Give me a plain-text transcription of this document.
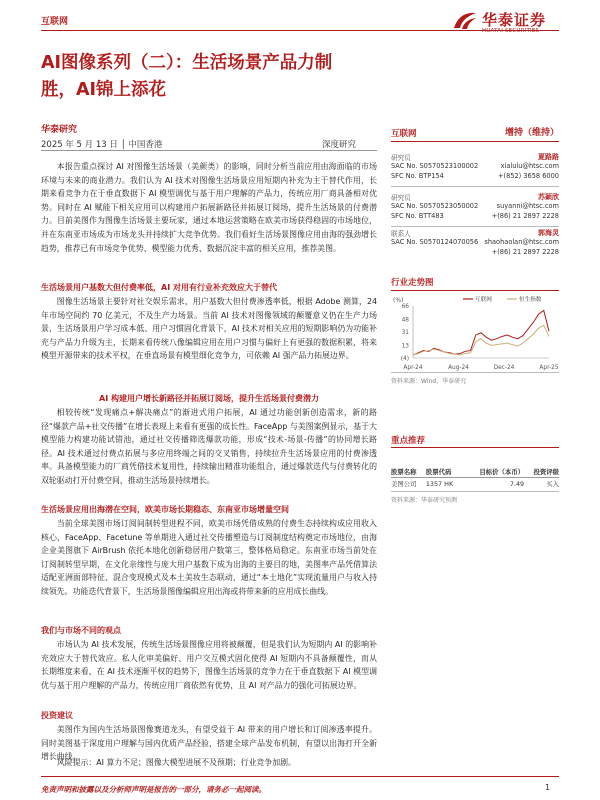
互联网	华泰证券
HUATAI SECURITIES
AI图像系列（二）：生活场景产品力制
胜，AI锦上添花
华泰研究
2025 年 5 月 13 日 │ 中国香港	深度研究

本报告重点探讨 AI 对图像生活场景（美颜类）的影响，同时分析当前应用由海面临的市场环境与未来的商业潜力。我们认为 AI 技术对图像生活场景应用短期内补充为主于替代作用，长期来看竞争力在于垂直数据下 AI 模型调优与基于用户理解的产品力，传统应用厂商具备相对优势。同时在 AI 赋能下相关应用可以构建用户拓展新路径并拓展订阅场，提升生活场景的付费潜力。目前美图作为图像生活场景主要玩家，通过本地运营策略在欧美市场获得稳固的市场地位，并在东南亚市场成为市场龙头并持续扩大竞争优势。我们看好生活场景图像应用由海的强劲增长趋势，推荐已有市场竞争优势、模型能力优秀、数据沉淀丰富的相关应用，推荐美图。

生活场景用户基数大但付费率低，AI 对用有行业补充效应大于替代

图像生活场景主要针对社交娱乐需求，用户基数大但付费渗透率低，根据 Adobe 测算，24 年市场空间约 70 亿美元，不及生产力场景。当前 AI 技术对图像领域的颠覆意义仍在生产力场景，生活场景用户学习成本低、用户习惯固化背景下，AI 技术对相关应用的短期影响仍为功能补充与产品力升级为主，长期来看传统八像编辑应用在用户习惯与偏好上有更强的数据积累，将来模型开源带来的技术平权，在垂直场景有模型细化竞争力，可依赖 AI 强产品力拓展边界。

AI 构建用户增长新路径并拓展订阅场，提升生活场景付费潜力

相较传统“发现痛点+解决痛点”的渐进式用户拓展，AI 通过功能创新创造需求，新的路径“爆款产品+社交传播”在增长表现上来看有更强的成长性。FaceApp 与美图案例显示，基于大模型能力构建功能试错池，通过社交传播筛选爆款功能，形成“技术-场景-传播”的协同增长路径。AI 技术通过付费点拓展与多应用终端之间的交叉销售，持续拉升生活场景应用的付费渗透率。具备模型能力的厂商凭借技术复用性，持续输出精准功能组合，通过爆款迭代与付费转化的双轮驱动打开付费空间，推动生活场景持续增长。

生活场景应用出海潜在空间，欧美市场长期稳态、东南亚市场增量空间

当前全球美图市场订阅间制转型进程不同，欧美市场凭借成熟的付费生态持续构成应用收入核心，FaceApp、Facetune 等单期进入通过社交传播塑造与订阅制度结构奠定市场地位，由海企业美图旗下 AirBrush 依托本地化创新稳居用户数第三，整体格局稳定。东南亚市场当前处在订阅制转型早期，在文化亲缘性与庞大用户基数下成为出海的主要目的地，美图率产品凭借算法适配亚洲面部特征、混合变现模式及本土美妆生态联动，通过“本土地化”实现流量用户与收入持续领先。功能迭代背景下，生活场景图像编辑应用出海或将带来新的应用成长曲线。

我们与市场不同的观点

市场认为 AI 技术发展，传统生活场景图像应用将被颠覆，但是我们认为短期内 AI 的影响补充效应大于替代效应。私人化审美偏好、用户交互模式固化使得 AI 短期内不具备颠覆性，而从长期维度来看，在 AI 技术逐渐平权的趋势下，图像生活场景的竞争力在于垂直数据下 AI 模型调优与基于用户理解的产品力，传统应用厂商依然有优势，且 AI 对产品力的强化可拓展边界。

投资建议

美图作为国内生活场景图像赛道龙头，有望受益于 AI 带来的用户增长和订阅渗透率提升。同时美图基于深度用户理解与国内优质产品经验，搭建全球产品发布机制，有望以出海打开全新增长曲线。

风险提示：AI 算力不足；图像大模型进展不及预期；行业竞争加剧。

互联网	增持（维持）
研究员	夏路路
SAC No. S0570523100002	xialulu@htsc.com
SFC No. BTP154	+(852) 3658 6000
研究员	苏颖欣
SAC No. S0570523050002	suyanni@htsc.com
SFC No. BTT483	+(86) 21 2897 2228
联系人	郭海灵
SAC No. S0570124070056 shaohaolan@htsc.com
+(86) 21 2897 2228
行业走势图
(4)
13
31
48
66
Apr-24	Aug-24	Dec-24	Apr-25
互联网	恒生指数
(%)
资料来源：Wind，华泰研究
重点推荐
股票名称	股票代码	目标价（本币）	投资评级
美图公司	1357 HK	7.49	买入
资料来源：华泰研究预测
免责声明和披露以及分析师声明是报告的一部分，请务必一起阅读。	1
